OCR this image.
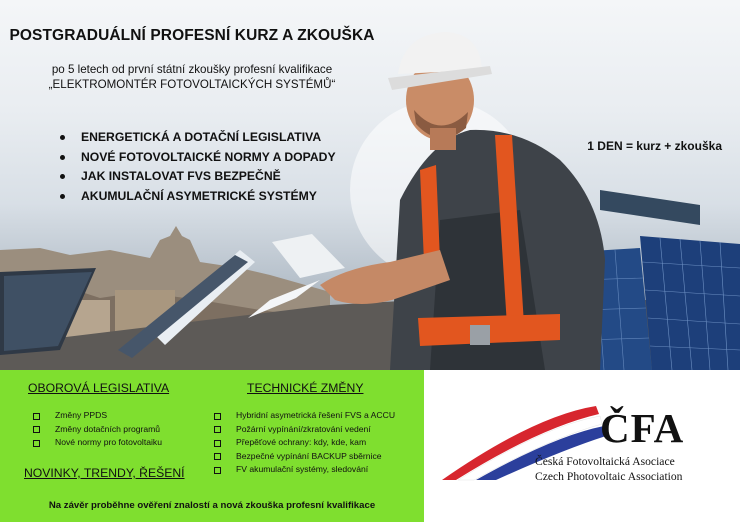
POSTGRADUÁLNÍ PROFESNÍ KURZ A ZKOUŠKA
po 5 letech od první státní zkoušky profesní kvalifikace
„ELEKTROMONTÉR FOTOVOLTAICKÝCH SYSTÉMŮ“
ENERGETICKÁ A DOTAČNÍ LEGISLATIVA
NOVÉ FOTOVOLTAICKÉ NORMY A DOPADY
JAK INSTALOVAT FVS BEZPEČNĚ
AKUMULAČNÍ ASYMETRICKÉ SYSTÉMY
1 DEN = kurz + zkouška
OBOROVÁ LEGISLATIVA
Změny PPDS
Změny dotačních programů
Nové normy pro fotovoltaiku
TECHNICKÉ ZMĚNY
Hybridní asymetrická řešení FVS a ACCU
Požární vypínání/zkratování vedení
Přepěťové ochrany: kdy, kde, kam
Bezpečné vypínání BACKUP sběrnice
FV akumulační systémy, sledování
NOVINKY, TRENDY, ŘEŠENÍ
Na závěr proběhne ověření znalostí a nová zkouška profesní kvalifikace
ČFA
Česká Fotovoltaická Asociace
Czech Photovoltaic Association
